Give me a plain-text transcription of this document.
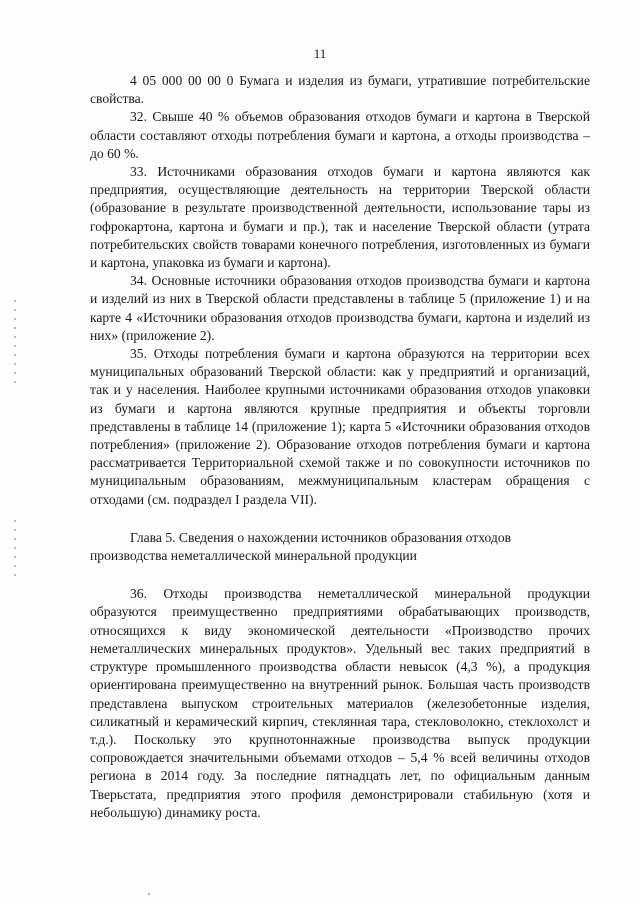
11

4 05 000 00 00 0 Бумага и изделия из бумаги, утратившие потребительские свойства.

32. Свыше 40 % объемов образования отходов бумаги и картона в Тверской области составляют отходы потребления бумаги и картона, а отходы производства – до 60 %.

33. Источниками образования отходов бумаги и картона являются как предприятия, осуществляющие деятельность на территории Тверской области (образование в результате производственной деятельности, использование тары из гофрокартона, картона и бумаги и пр.), так и население Тверской области (утрата потребительских свойств товарами конечного потребления, изготовленных из бумаги и картона, упаковка из бумаги и картона).

34. Основные источники образования отходов производства бумаги и картона и изделий из них в Тверской области представлены в таблице 5 (приложение 1) и на карте 4 «Источники образования отходов производства бумаги, картона и изделий из них» (приложение 2).

35. Отходы потребления бумаги и картона образуются на территории всех муниципальных образований Тверской области: как у предприятий и организаций, так и у населения. Наиболее крупными источниками образования отходов упаковки из бумаги и картона являются крупные предприятия и объекты торговли представлены в таблице 14 (приложение 1); карта 5 «Источники образования отходов потребления» (приложение 2). Образование отходов потребления бумаги и картона рассматривается Территориальной схемой также и по совокупности источников по муниципальным образованиям, межмуниципальным кластерам обращения с отходами (см. подраздел I раздела VII).

Глава 5. Сведения о нахождении источников образования отходов производства неметаллической минеральной продукции

36. Отходы производства неметаллической минеральной продукции образуются преимущественно предприятиями обрабатывающих производств, относящихся к виду экономической деятельности «Производство прочих неметаллических минеральных продуктов». Удельный вес таких предприятий в структуре промышленного производства области невысок (4,3 %), а продукция ориентирована преимущественно на внутренний рынок. Большая часть производств представлена выпуском строительных материалов (железобетонные изделия, силикатный и керамический кирпич, стеклянная тара, стекловолокно, стеклохолст и т.д.). Поскольку это крупнотоннажные производства выпуск продукции сопровождается значительными объемами отходов – 5,4 % всей величины отходов региона в 2014 году. За последние пятнадцать лет, по официальным данным Тверьстата, предприятия этого профиля демонстрировали стабильную (хотя и небольшую) динамику роста.
